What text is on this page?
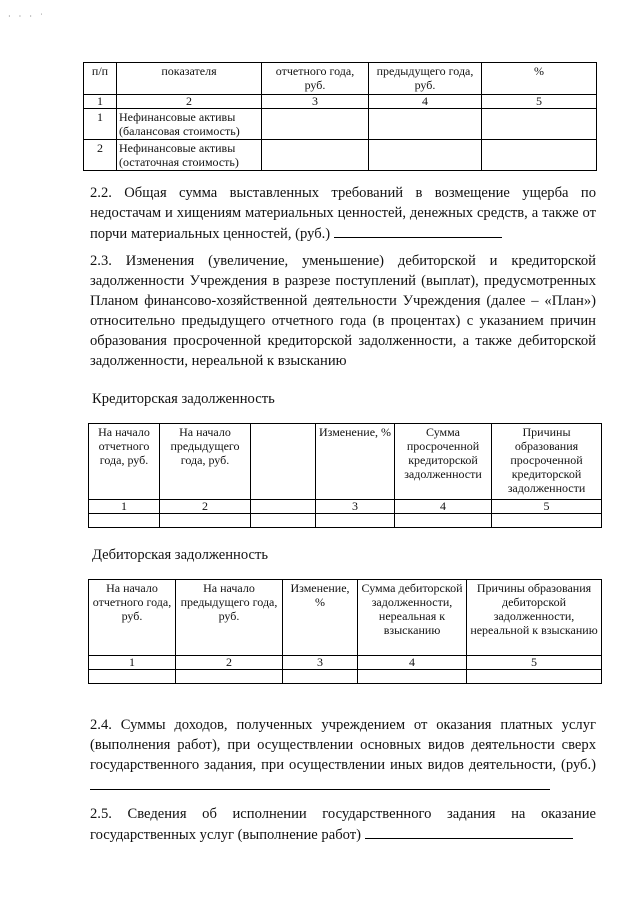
· · · ˙
п/п	показателя	отчетного года, руб.	предыдущего года, руб.	%
1	2	3	4	5
1	Нефинансовые активы (балансовая стоимость)			
2	Нефинансовые активы (остаточная стоимость)			
2.2. Общая сумма выставленных требований в возмещение ущерба по недостачам и хищениям материальных ценностей, денежных средств, а также от порчи материальных ценностей, (руб.)
2.3. Изменения (увеличение, уменьшение) дебиторской и кредиторской задолженности Учреждения в разрезе поступлений (выплат), предусмотренных Планом финансово-хозяйственной деятельности Учреждения (далее – «План») относительно предыдущего отчетного года (в процентах) с указанием причин образования просроченной кредиторской задолженности, а также дебиторской задолженности, нереальной к взысканию
Кредиторская задолженность
На начало отчетного года, руб.	На начало предыдущего года, руб.		Изменение, %	Сумма просроченной кредиторской задолженности	Причины образования просроченной кредиторской задолженности
1	2		3	4	5

Дебиторская задолженность
На начало отчетного года, руб.	На начало предыдущего года, руб.	Изменение, %	Сумма дебиторской задолженности, нереальная к взысканию	Причины образования дебиторской задолженности, нереальной к взысканию
1	2	3	4	5

2.4. Суммы доходов, полученных учреждением от оказания платных услуг (выполнения работ), при осуществлении основных видов деятельности сверх государственного задания, при осуществлении иных видов деятельности, (руб.)
2.5. Сведения об исполнении государственного задания на оказание государственных услуг (выполнение работ)
